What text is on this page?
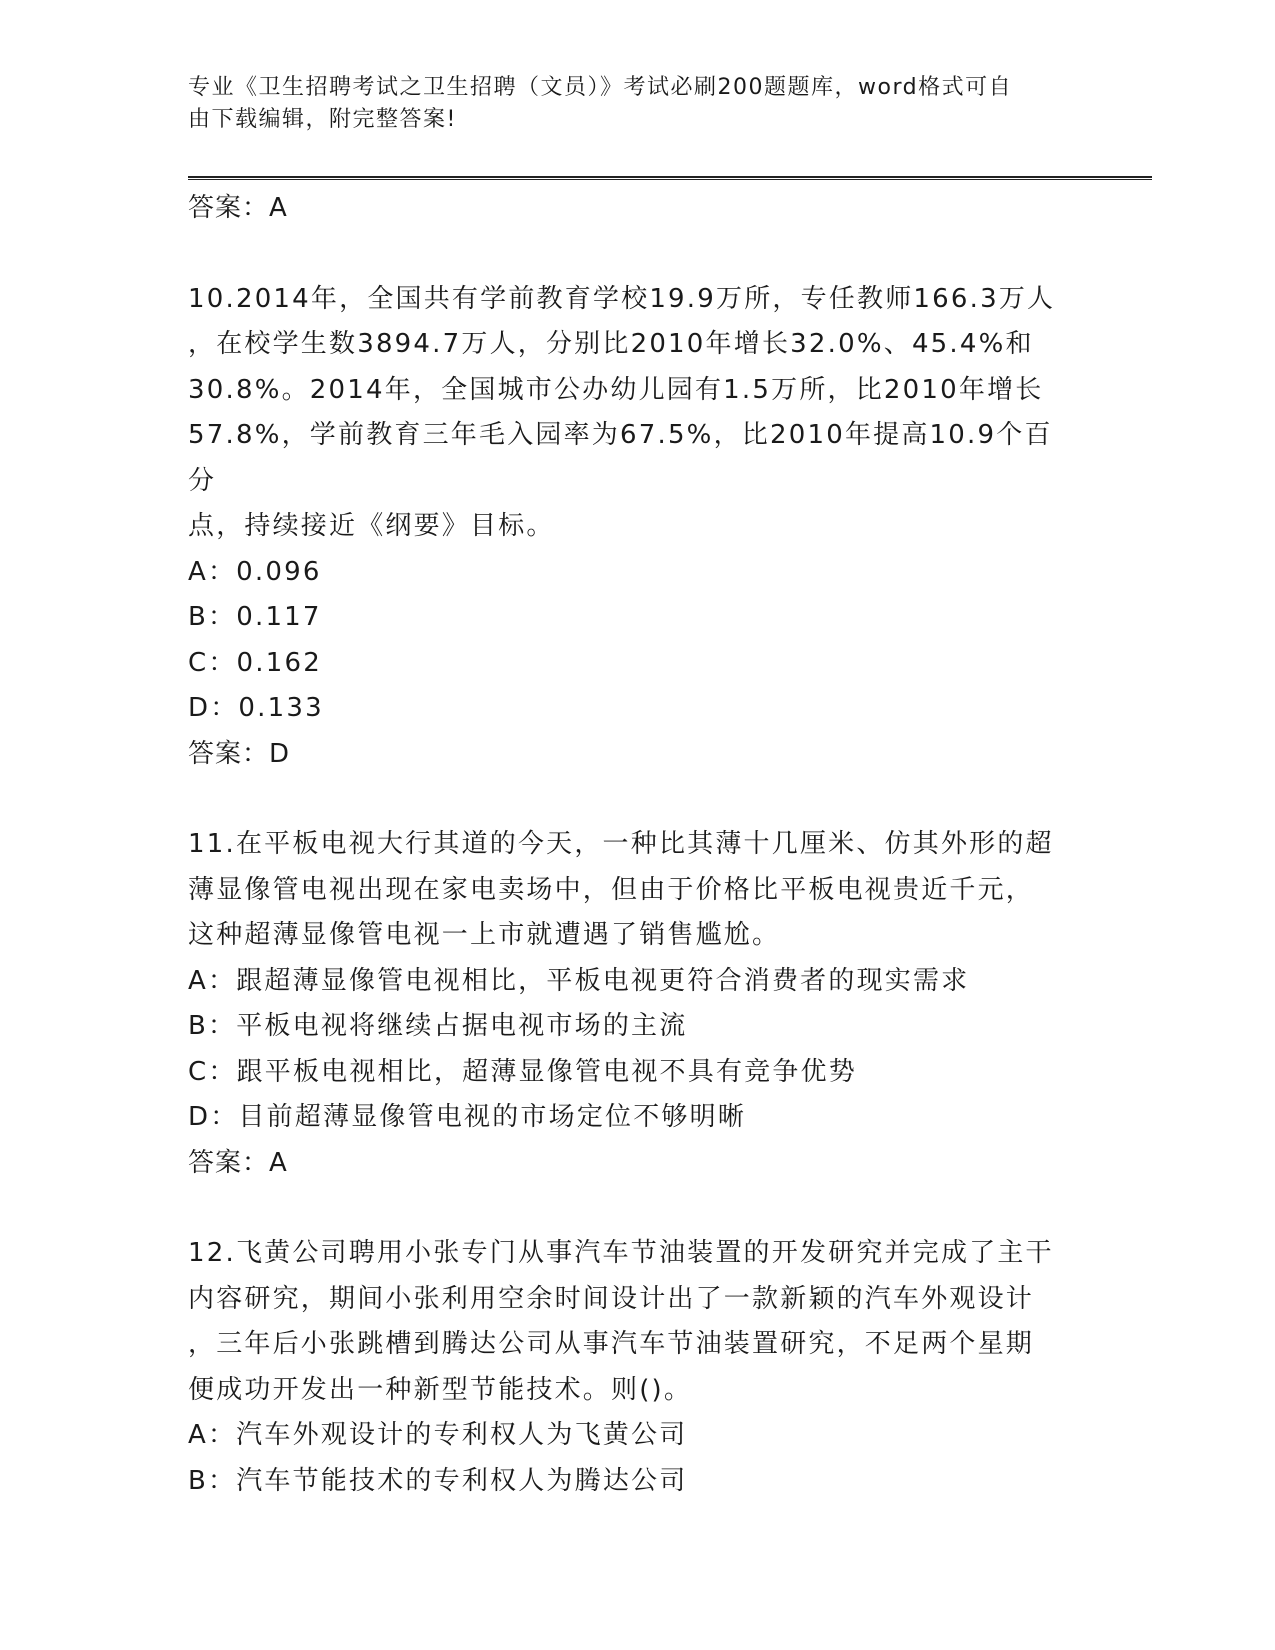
专业《卫生招聘考试之卫生招聘（文员）》考试必刷200题题库，word格式可自
由下载编辑，附完整答案!
答案：A
10.2014年，全国共有学前教育学校19.9万所，专任教师166.3万人
，在校学生数3894.7万人，分别比2010年增长32.0%、45.4%和
30.8%。2014年，全国城市公办幼儿园有1.5万所，比2010年增长
57.8%，学前教育三年毛入园率为67.5%，比2010年提高10.9个百分
点，持续接近《纲要》目标。
A：0.096
B：0.117
C：0.162
D：0.133
答案：D
11.在平板电视大行其道的今天，一种比其薄十几厘米、仿其外形的超
薄显像管电视出现在家电卖场中，但由于价格比平板电视贵近千元，
这种超薄显像管电视一上市就遭遇了销售尴尬。
A：跟超薄显像管电视相比，平板电视更符合消费者的现实需求
B：平板电视将继续占据电视市场的主流
C：跟平板电视相比，超薄显像管电视不具有竞争优势
D：目前超薄显像管电视的市场定位不够明晰
答案：A
12.飞黄公司聘用小张专门从事汽车节油装置的开发研究并完成了主干
内容研究，期间小张利用空余时间设计出了一款新颖的汽车外观设计
，三年后小张跳槽到腾达公司从事汽车节油装置研究，不足两个星期
便成功开发出一种新型节能技术。则()。
A：汽车外观设计的专利权人为飞黄公司
B：汽车节能技术的专利权人为腾达公司
